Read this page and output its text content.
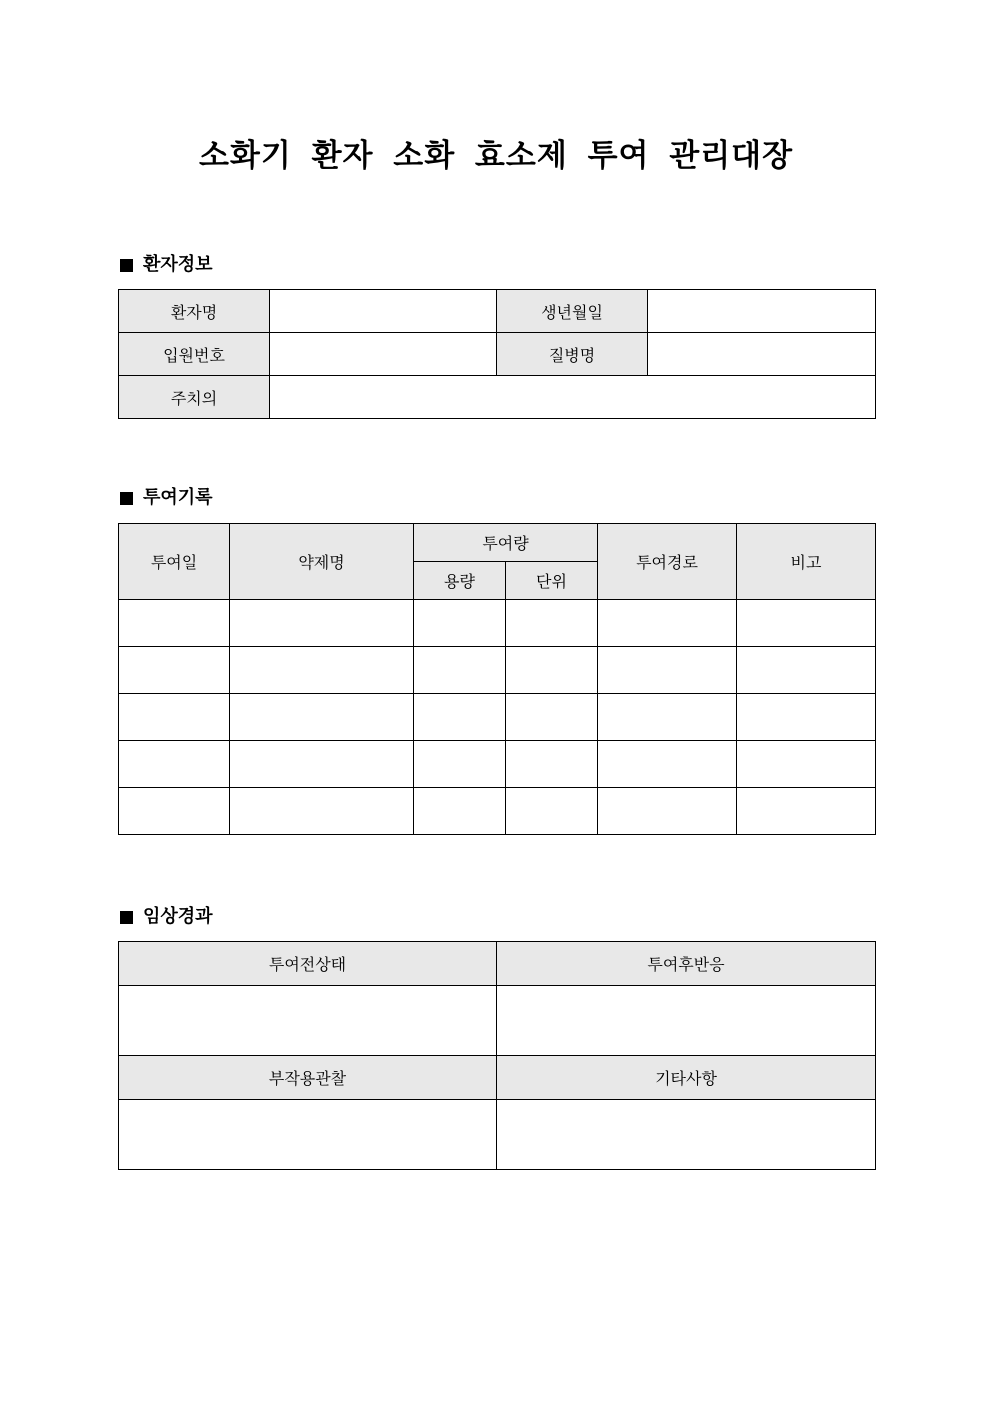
소화기 환자 소화 효소제 투여 관리대장
환자정보
환자명		생년월일	
입원번호		질병명	
주치의			
투여기록
투여일	약제명	투여량		투여경로	비고
		용량	단위		

임상경과
투여전상태	투여후반응

부작용관찰	기타사항
